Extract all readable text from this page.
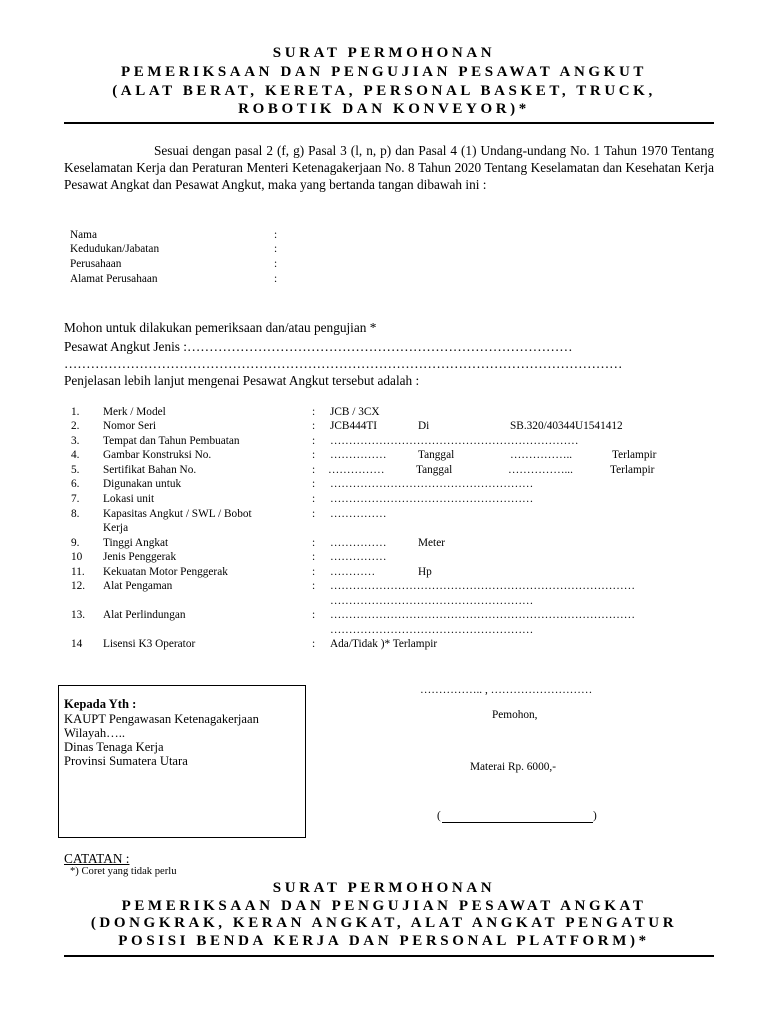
SURAT PERMOHONAN
PEMERIKSAAN DAN PENGUJIAN PESAWAT ANGKUT
(ALAT BERAT, KERETA, PERSONAL BASKET, TRUCK,
ROBOTIK DAN KONVEYOR)*
Sesuai dengan pasal 2 (f, g) Pasal 3 (l, n, p) dan Pasal 4 (1) Undang-undang No. 1 Tahun 1970 Tentang Keselamatan Kerja dan Peraturan Menteri Ketenagakerjaan No. 8 Tahun 2020 Tentang Keselamatan dan Kesehatan Kerja Pesawat Angkat dan Pesawat Angkut, maka yang bertanda tangan dibawah ini :
Nama	:
Kedudukan/Jabatan	:
Perusahaan	:
Alamat Perusahaan	:
Mohon untuk dilakukan pemeriksaan dan/atau pengujian *
Pesawat Angkut Jenis :……………………………………………………………………………
………………………………………………………………………………………………………………
Penjelasan lebih lanjut mengenai Pesawat Angkut tersebut adalah :
1. Merk / Model	: JCB / 3CX
2. Nomor Seri	: JCB444TI	Di	SB.320/40344U1541412
3. Tempat dan Tahun Pembuatan	: …………………………………………………………
4. Gambar Konstruksi No.	: ……………	Tanggal	……………..	Terlampir
5. Sertifikat Bahan No.	: ……………	Tanggal	……………...	Terlampir
6. Digunakan untuk	: ………………………………………………
7. Lokasi unit	: ………………………………………………
8. Kapasitas Angkut / SWL / Bobot
Kerja
: ……………
9. Tinggi Angkat	: ……………	Meter
10 Jenis Penggerak	: ……………
11. Kekuatan Motor Penggerak	: …………	Hp
12. Alat Pengaman	: ………………………………………………………………………
………………………………………………
13. Alat Perlindungan	: ………………………………………………………………………
………………………………………………
14 Lisensi K3 Operator	: Ada/Tidak )* Terlampir
Kepada Yth :
KAUPT Pengawasan Ketenagakerjaan
Wilayah…..
Dinas Tenaga Kerja
Provinsi Sumatera Utara
…………….. , ………………………
Pemohon,
Materai Rp. 6000,-
(	)
CATATAN :
*) Coret yang tidak perlu
SURAT PERMOHONAN
PEMERIKSAAN DAN PENGUJIAN PESAWAT ANGKAT
(DONGKRAK, KERAN ANGKAT, ALAT ANGKAT PENGATUR
POSISI BENDA KERJA DAN PERSONAL PLATFORM)*
